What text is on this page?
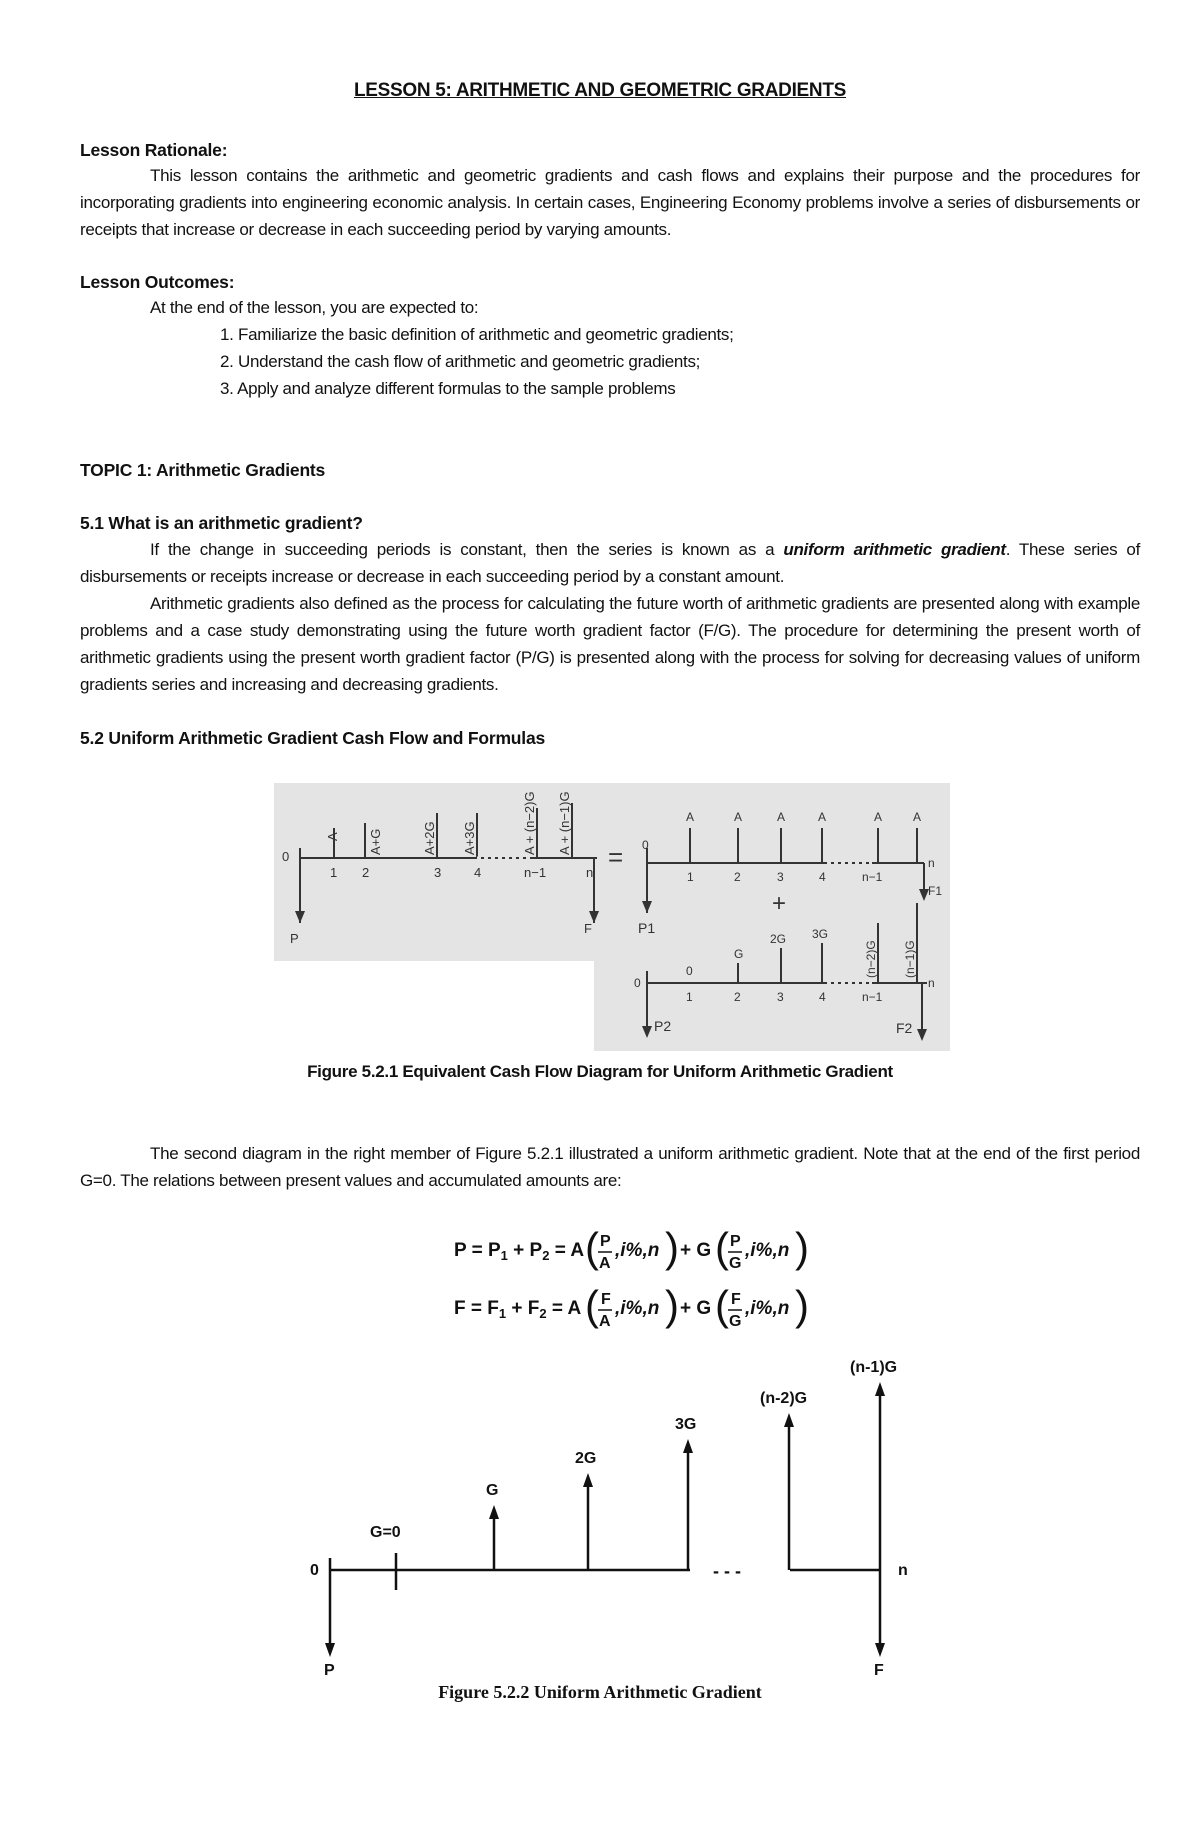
LESSON 5: ARITHMETIC AND GEOMETRIC GRADIENTS
Lesson Rationale:
This lesson contains the arithmetic and geometric gradients and cash flows and explains their purpose and the procedures for incorporating gradients into engineering economic analysis. In certain cases, Engineering Economy problems involve a series of disbursements or receipts that increase or decrease in each succeeding period by varying amounts.
Lesson Outcomes:
At the end of the lesson, you are expected to:
1. Familiarize the basic definition of arithmetic and geometric gradients;
2. Understand the cash flow of arithmetic and geometric gradients;
3. Apply and analyze different formulas to the sample problems
TOPIC 1: Arithmetic Gradients
5.1 What is an arithmetic gradient?
If the change in succeeding periods is constant, then the series is known as a uniform arithmetic gradient. These series of disbursements or receipts increase or decrease in each succeeding period by a constant amount.
Arithmetic gradients also defined as the process for calculating the future worth of arithmetic gradients are presented along with example problems and a case study demonstrating using the future worth gradient factor (F/G). The procedure for determining the present worth of arithmetic gradients using the present worth gradient factor (P/G) is presented along with the process for solving for decreasing values of uniform gradients series and increasing and decreasing gradients.
5.2 Uniform Arithmetic Gradient Cash Flow and Formulas
A A+G	A+2G A+3G	A + (n−2)G A + (n−1)G
0
1 2	3	4	n−1	n
P
F
=
A	A	A	A	A	A
0
1	2	3	4	n−1
n
P1
F1
+
G
2G 3G
(n−2)G (n−1)G
0
0
1	2	3	4	n−1
n
P2	F2
Figure 5.2.1 Equivalent Cash Flow Diagram for Uniform Arithmetic Gradient
The second diagram in the right member of Figure 5.2.1 illustrated a uniform arithmetic gradient. Note that at the end of the first period G=0. The relations between present values and accumulated amounts are:
$P = P_1 + P_2 = A$ ( P
A
,i%,n ) + G ( P
G
,i%,n )
$F = F_1 + F_2 = A$ ( F
A
,i%,n ) + G ( F
G
,i%,n )
0	n
P	F
G=0
G
2G
3G
(n-2)G
(n-1)G
- - -
Figure 5.2.2 Uniform Arithmetic Gradient
